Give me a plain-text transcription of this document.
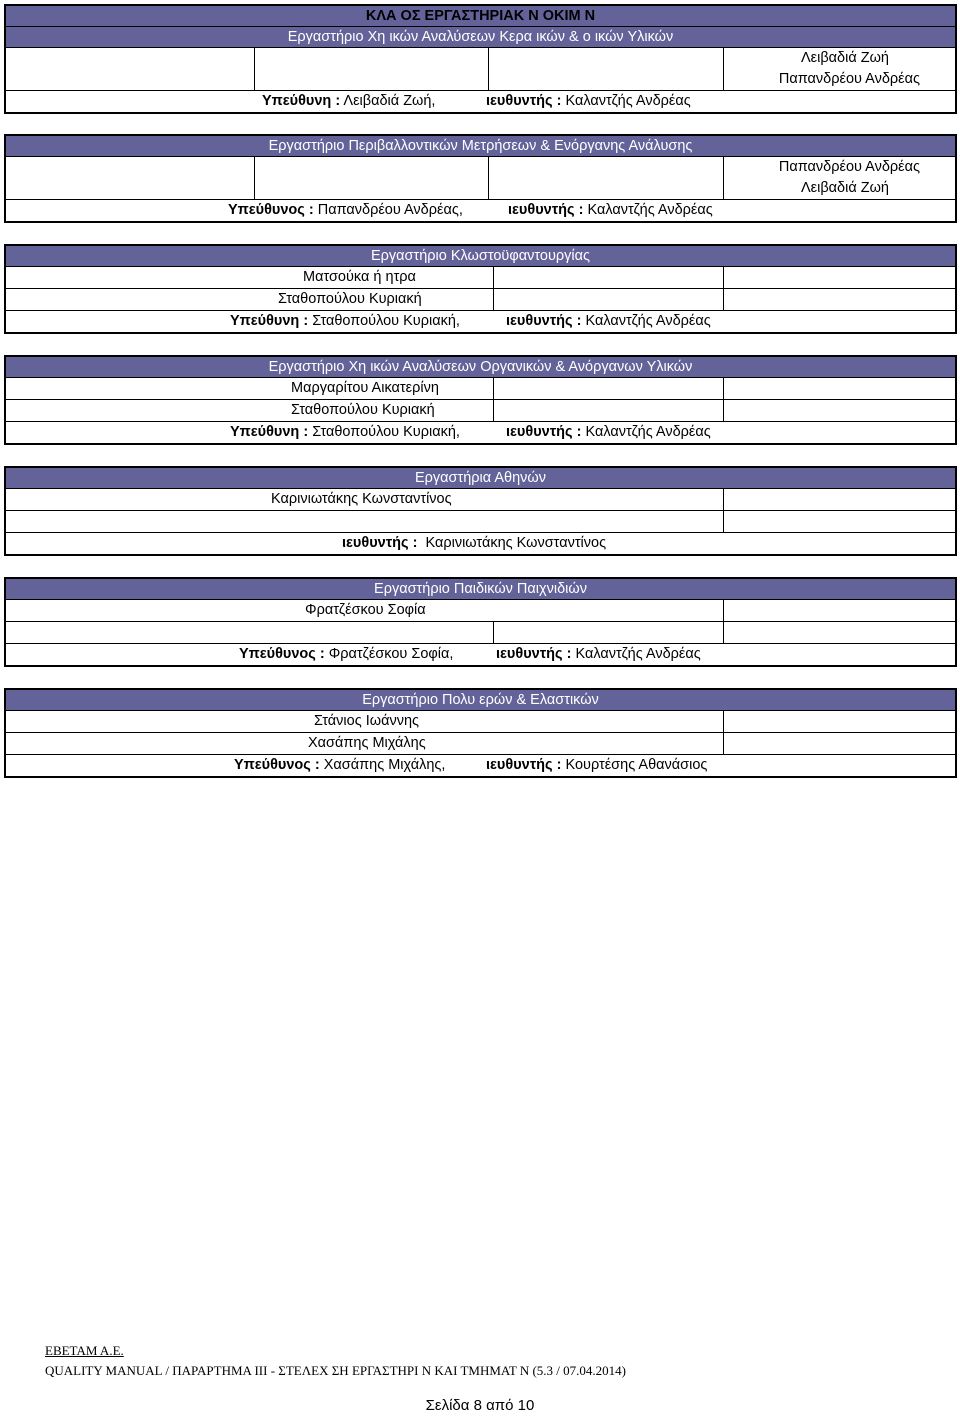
ΚΛΑ ΟΣ ΕΡΓΑΣΤΗΡΙΑΚ Ν ΟΚΙΜ Ν
Εργαστήριο Χη ικών Αναλύσεων Κερα ικών & ο ικών Υλικών
Λειβαδιά Ζωή
Παπανδρέου Ανδρέας
Υπεύθυνη : Λειβαδιά Ζωή,	ιευθυντής : Καλαντζής Ανδρέας
Εργαστήριο Περιβαλλοντικών Μετρήσεων & Ενόργανης Ανάλυσης
Παπανδρέου Ανδρέας
Λειβαδιά Ζωή
Υπεύθυνος : Παπανδρέου Ανδρέας,	ιευθυντής : Καλαντζής Ανδρέας
Εργαστήριο Κλωστοϋφαντουργίας
Ματσούκα ή ητρα
Σταθοπούλου Κυριακή
Υπεύθυνη : Σταθοπούλου Κυριακή,	ιευθυντής : Καλαντζής Ανδρέας
Εργαστήριο Χη ικών Αναλύσεων Οργανικών & Ανόργανων Υλικών
Μαργαρίτου Αικατερίνη
Σταθοπούλου Κυριακή
Υπεύθυνη : Σταθοπούλου Κυριακή,	ιευθυντής : Καλαντζής Ανδρέας
Εργαστήρια Αθηνών
Καρινιωτάκης Κωνσταντίνος
ιευθυντής : Καρινιωτάκης Κωνσταντίνος
Εργαστήριο Παιδικών Παιχνιδιών
Φρατζέσκου Σοφία
Υπεύθυνος : Φρατζέσκου Σοφία,	ιευθυντής : Καλαντζής Ανδρέας
Εργαστήριο Πολυ ερών & Ελαστικών
Στάνιος Ιωάννης
Χασάπης Μιχάλης
Υπεύθυνος : Χασάπης Μιχάλης,	ιευθυντής : Κουρτέσης Αθανάσιος
ΕΒΕΤΑΜ Α.Ε.
QUALITY MANUAL / ΠΑΡΑΡΤΗΜΑ ΙΙΙ - ΣΤΕΛΕΧ ΣΗ ΕΡΓΑΣΤΗΡΙ Ν ΚΑΙ ΤΜΗΜΑΤ Ν (5.3 / 07.04.2014)
Σελίδα 8 από 10
